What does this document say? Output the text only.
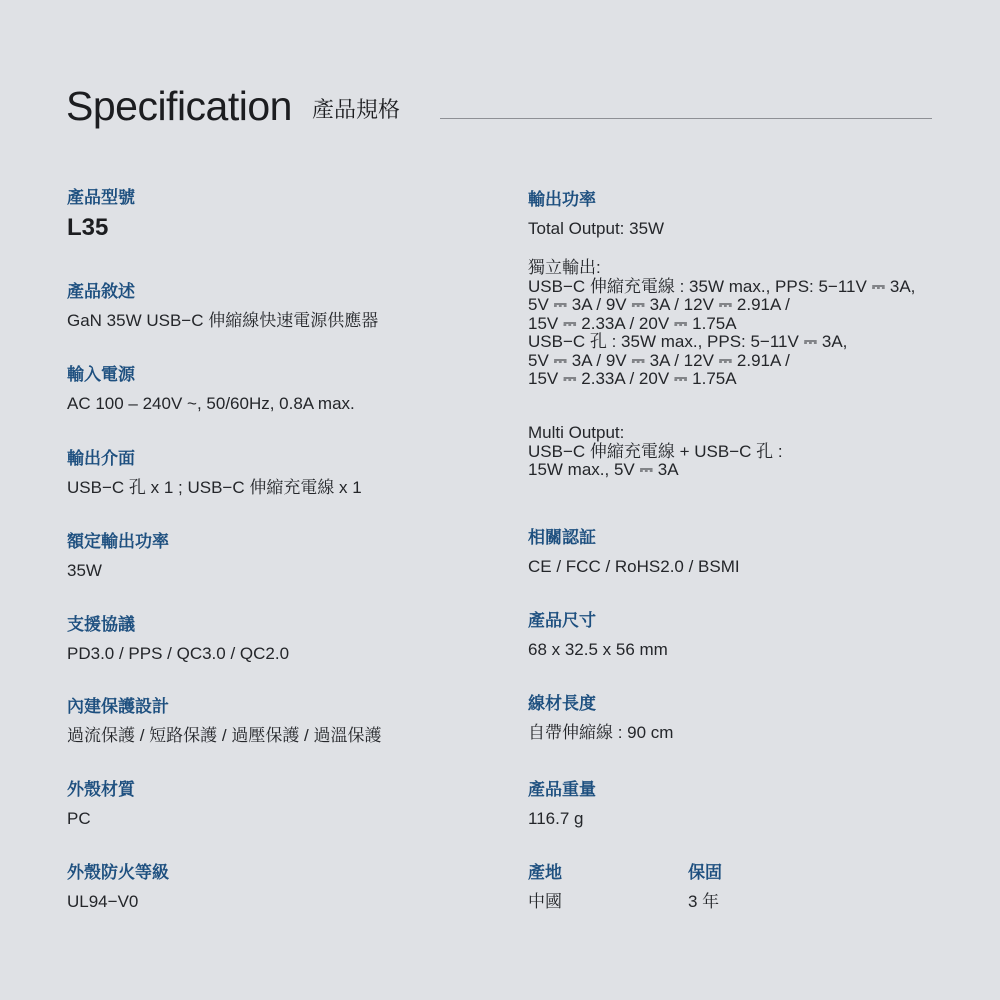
Specification 產品規格
產品型號
L35
產品敘述
GaN 35W USB−C 伸縮線快速電源供應器
輸入電源
AC 100 – 240V ~, 50/60Hz, 0.8A max.
輸出介面
USB−C 孔 x 1 ; USB−C 伸縮充電線 x 1
額定輸出功率
35W
支援協議
PD3.0 / PPS / QC3.0 / QC2.0
內建保護設計
過流保護 / 短路保護 / 過壓保護 / 過溫保護
外殼材質
PC
外殼防火等級
UL94−V0
輸出功率
Total Output: 35W
獨立輸出:
USB−C 伸縮充電線 : 35W max., PPS: 5−11V ⎓ 3A,
5V ⎓ 3A / 9V ⎓ 3A / 12V ⎓ 2.91A /
15V ⎓ 2.33A / 20V ⎓ 1.75A
USB−C 孔 : 35W max., PPS: 5−11V ⎓ 3A,
5V ⎓ 3A / 9V ⎓ 3A / 12V ⎓ 2.91A /
15V ⎓ 2.33A / 20V ⎓ 1.75A
Multi Output:
USB−C 伸縮充電線 + USB−C 孔 :
15W max., 5V ⎓ 3A
相關認証
CE / FCC / RoHS2.0 / BSMI
產品尺寸
68 x 32.5 x 56 mm
線材長度
自帶伸縮線 : 90 cm
產品重量
116.7 g
產地
中國
保固
3 年
